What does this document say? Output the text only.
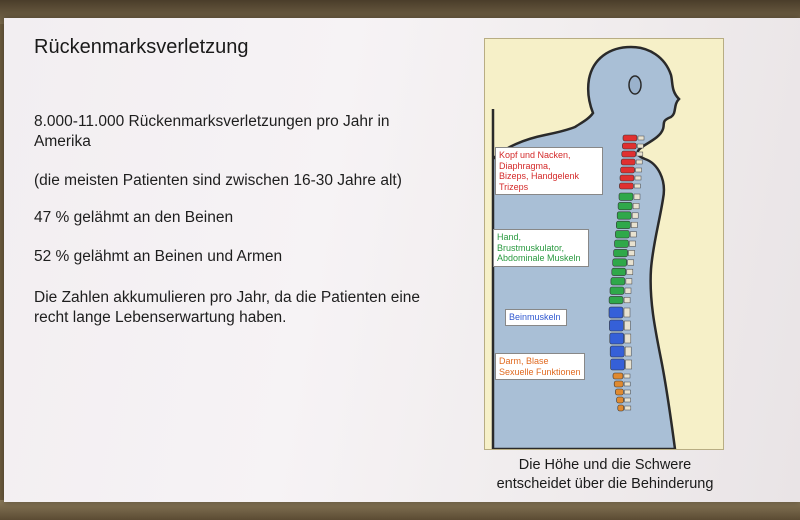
Rückenmarksverletzung
8.000-11.000 Rückenmarksverletzungen pro Jahr in
Amerika
(die meisten Patienten sind zwischen 16-30 Jahre alt)
47 % gelähmt an den Beinen
52 % gelähmt an Beinen und Armen
Die Zahlen akkumulieren pro Jahr, da die Patienten eine
recht lange Lebenserwartung haben.
Kopf und Nacken,
Diaphragma,
Bizeps, Handgelenk
Trizeps
Hand,
Brustmuskulator,
Abdominale Muskeln
Beinmuskeln
Darm, Blase
Sexuelle Funktionen
Die Höhe und die Schwere
entscheidet über die Behinderung
